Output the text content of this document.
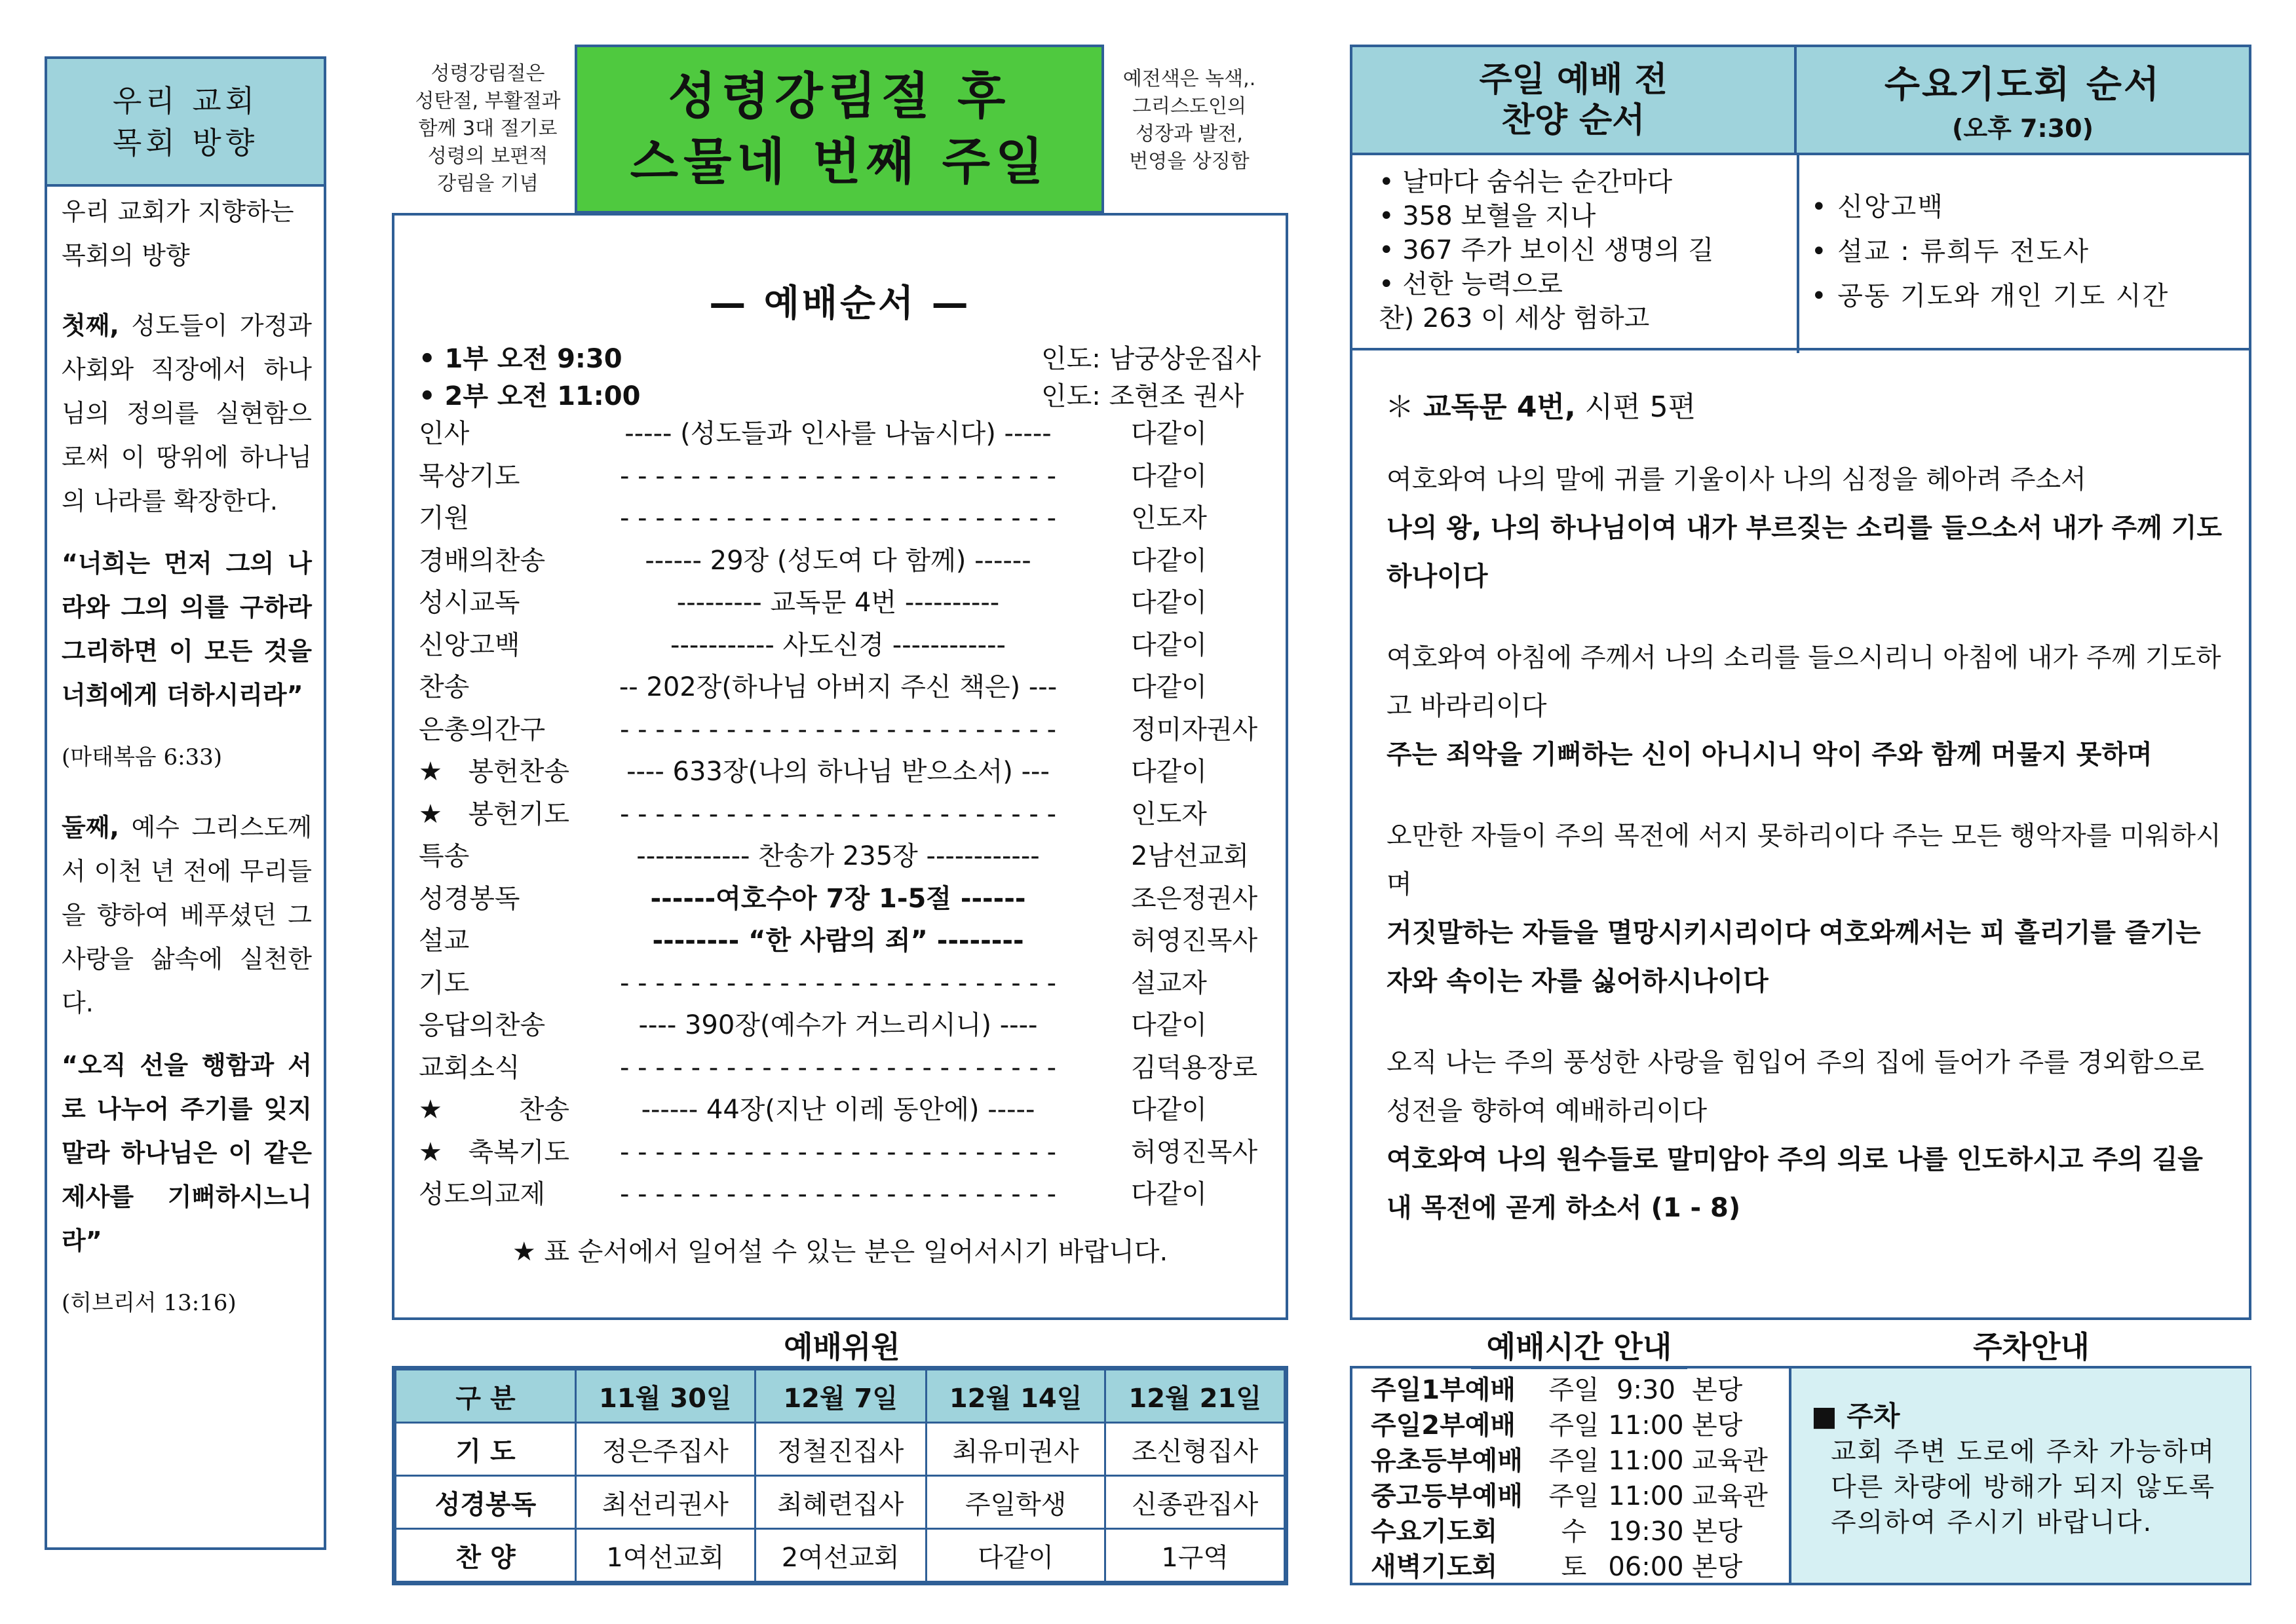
우리 교회
목회 방향

우리 교회가 지향하는
목회의 방향

첫째, 성도들이 가정과 사회와 직장에서 하나님의 정의를 실현함으로써 이 땅위에 하나님의 나라를 확장한다.

“너희는 먼저 그의 나라와 그의 의를 구하라 그리하면 이 모든 것을 너희에게 더하시리라”

(마태복음 6:33)

둘째, 예수 그리스도께서 이천 년 전에 무리들을 향하여 베푸셨던 그 사랑을 삶속에 실천한다.

“오직 선을 행함과 서로 나누어 주기를 잊지 말라 하나님은 이 같은 제사를 기뻐하시느니라”

(히브리서 13:16)

성령강림절은
성탄절, 부활절과
함께 3대 절기로
성령의 보편적
강림을 기념
성령강림절 후
스물네 번째 주일
예전색은 녹색,.
그리스도인의
성장과 발전,
번영을 상징함
— 예배순서 —
• 1부 오전 9:30	인도: 남궁상운집사
• 2부 오전 11:00	인도: 조현조 권사
★ 표 순서에서 일어설 수 있는 분은 일어서시기 바랍니다.
인사	----- (성도들과 인사를 나눕시다) -----	다같이
묵상기도	- - - - - - - - - - - - - - - - - - - - - - - - -	다같이
기원	- - - - - - - - - - - - - - - - - - - - - - - - -	인도자
경배의찬송	------ 29장 (성도여 다 함께) ------	다같이
성시교독	--------- 교독문 4번 ----------	다같이
신앙고백	----------- 사도신경 ------------	다같이
찬송	-- 202장(하나님 아버지 주신 책은) ---	다같이
은총의간구	- - - - - - - - - - - - - - - - - - - - - - - - -	정미자권사
★봉헌찬송	---- 633장(나의 하나님 받으소서) ---	다같이
★봉헌기도	- - - - - - - - - - - - - - - - - - - - - - - - -	인도자
특송	------------ 찬송가 235장 ------------	2남선교회
성경봉독	------여호수아 7장 1-5절 ------	조은정권사
설교	-------- “한 사람의 죄” --------	허영진목사
기도	- - - - - - - - - - - - - - - - - - - - - - - - -	설교자
응답의찬송	---- 390장(예수가 거느리시니) ----	다같이
교회소식	- - - - - - - - - - - - - - - - - - - - - - - - -	김덕용장로
★찬송	------ 44장(지난 이레 동안에) -----	다같이
★축복기도	- - - - - - - - - - - - - - - - - - - - - - - - -	허영진목사
성도의교제	- - - - - - - - - - - - - - - - - - - - - - - - -	다같이
예배위원
구 분	11월 30일	12월 7일	12월 14일	12월 21일
기 도	정은주집사	정철진집사	최유미권사	조신형집사
성경봉독	최선리권사	최혜련집사	주일학생	신종관집사
찬 양	1여선교회	2여선교회	다같이	1구역
주일 예배 전
찬양 순서
수요기도회 순서
(오후 7:30)
• 날마다 숨쉬는 순간마다
• 358 보혈을 지나
• 367 주가 보이신 생명의 길
• 선한 능력으로
찬) 263 이 세상 험하고
• 신앙고백
• 설교 : 류희두 전도사
• 공동 기도와 개인 기도 시간
＊ 교독문 4번, 시편 5편

여호와여 나의 말에 귀를 기울이사 나의 심정을 헤아려 주소서

나의 왕, 나의 하나님이여 내가 부르짖는 소리를 들으소서 내가 주께 기도하나이다

여호와여 아침에 주께서 나의 소리를 들으시리니 아침에 내가 주께 기도하고 바라리이다

주는 죄악을 기뻐하는 신이 아니시니 악이 주와 함께 머물지 못하며

오만한 자들이 주의 목전에 서지 못하리이다 주는 모든 행악자를 미워하시며

거짓말하는 자들을 멸망시키시리이다 여호와께서는 피 흘리기를 즐기는 자와 속이는 자를 싫어하시나이다

오직 나는 주의 풍성한 사랑을 힘입어 주의 집에 들어가 주를 경외함으로 성전을 향하여 예배하리이다

여호와여 나의 원수들로 말미암아 주의 의로 나를 인도하시고 주의 길을 내 목전에 곧게 하소서 (1 - 8)

예배시간 안내	주차안내
주일1부예배	주일 9:30 본당
주일2부예배	주일 11:00 본당
유초등부예배 주일 11:00 교육관
중고등부예배 주일 11:00 교육관
수요기도회	수 19:30 본당
새벽기도회	토 06:00 본당
■ 주차
교회 주변 도로에 주차 가능하며
다른 차량에 방해가 되지 않도록
주의하여 주시기 바랍니다.
